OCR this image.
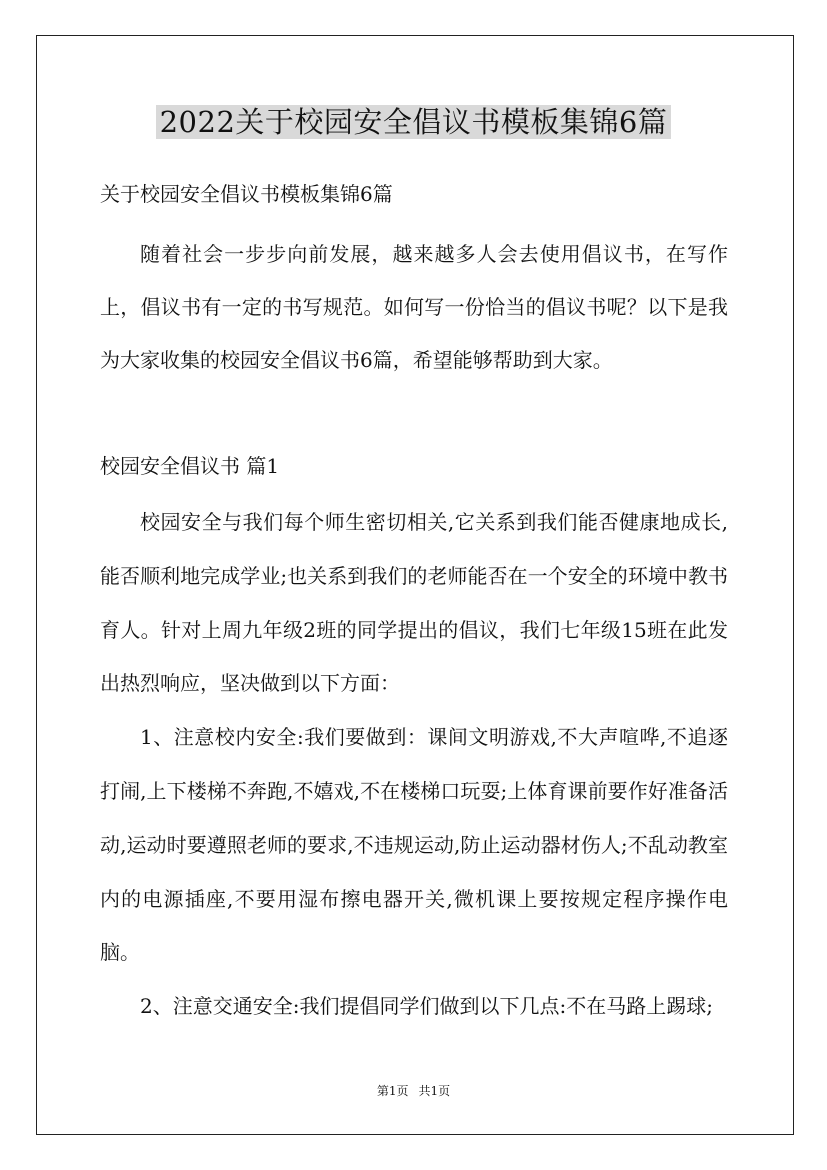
2022关于校园安全倡议书模板集锦6篇
关于校园安全倡议书模板集锦6篇

随着社会一步步向前发展，越来越多人会去使用倡议书，在写作上，倡议书有一定的书写规范。如何写一份恰当的倡议书呢？以下是我为大家收集的校园安全倡议书6篇，希望能够帮助到大家。

校园安全倡议书 篇1

校园安全与我们每个师生密切相关,它关系到我们能否健康地成长,能否顺利地完成学业;也关系到我们的老师能否在一个安全的环境中教书育人。针对上周九年级2班的同学提出的倡议，我们七年级15班在此发出热烈响应，坚决做到以下方面：

1、注意校内安全:我们要做到：课间文明游戏,不大声喧哗,不追逐打闹,上下楼梯不奔跑,不嬉戏,不在楼梯口玩耍;上体育课前要作好准备活动,运动时要遵照老师的要求,不违规运动,防止运动器材伤人;不乱动教室内的电源插座,不要用湿布擦电器开关,微机课上要按规定程序操作电脑。

2、注意交通安全:我们提倡同学们做到以下几点:不在马路上踢球;

第1页 共1页
